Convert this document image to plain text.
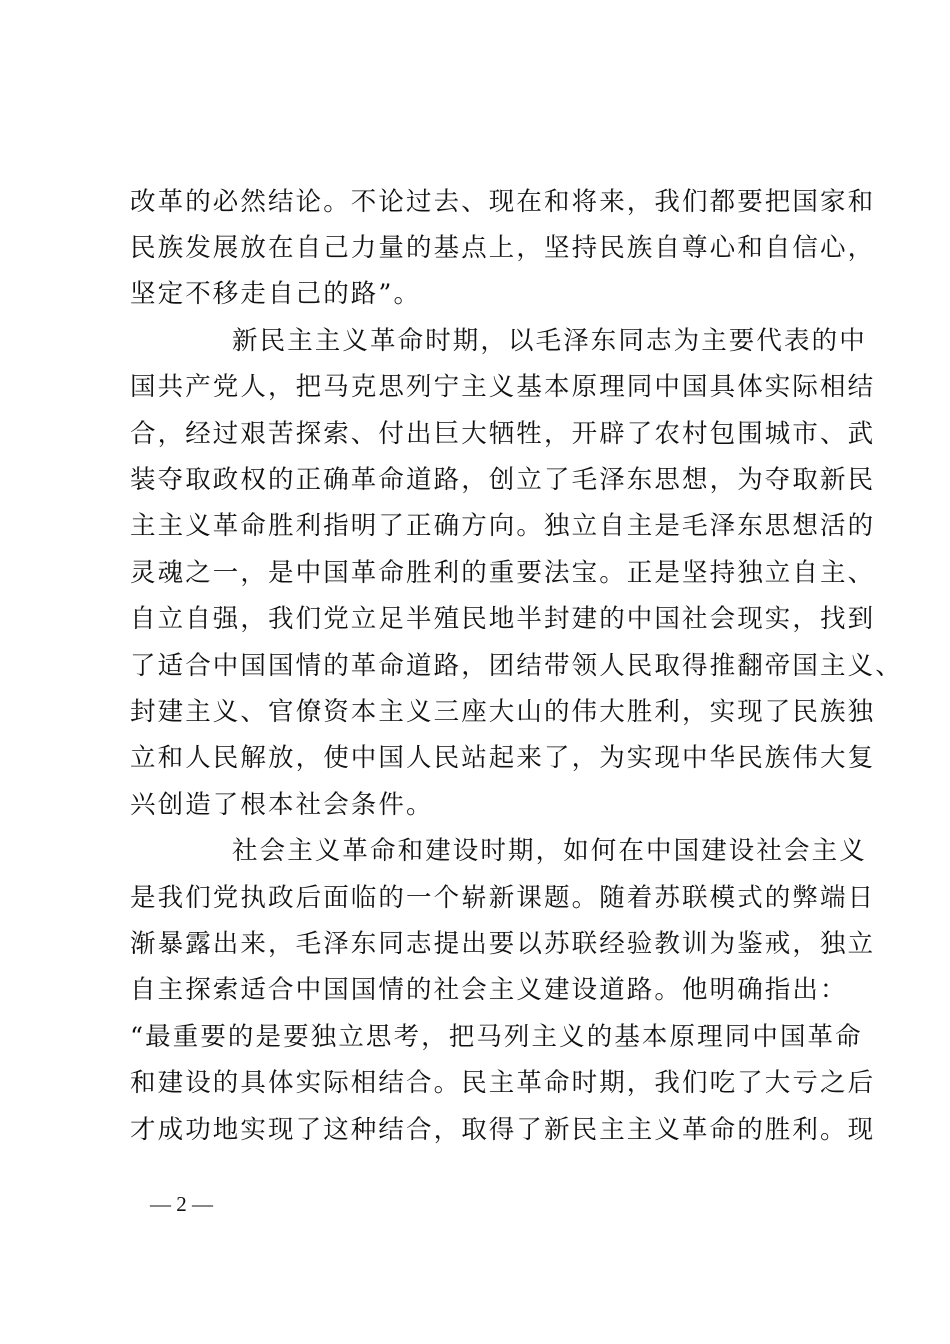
改革的必然结论。不论过去、现在和将来，我们都要把国家和
民族发展放在自己力量的基点上，坚持民族自尊心和自信心，
坚定不移走自己的路”。
新民主主义革命时期，以毛泽东同志为主要代表的中
国共产党人，把马克思列宁主义基本原理同中国具体实际相结
合，经过艰苦探索、付出巨大牺牲，开辟了农村包围城市、武
装夺取政权的正确革命道路，创立了毛泽东思想，为夺取新民
主主义革命胜利指明了正确方向。独立自主是毛泽东思想活的
灵魂之一，是中国革命胜利的重要法宝。正是坚持独立自主、
自立自强，我们党立足半殖民地半封建的中国社会现实，找到
了适合中国国情的革命道路，团结带领人民取得推翻帝国主义、
封建主义、官僚资本主义三座大山的伟大胜利，实现了民族独
立和人民解放，使中国人民站起来了，为实现中华民族伟大复
兴创造了根本社会条件。
社会主义革命和建设时期，如何在中国建设社会主义
是我们党执政后面临的一个崭新课题。随着苏联模式的弊端日
渐暴露出来，毛泽东同志提出要以苏联经验教训为鉴戒，独立
自主探索适合中国国情的社会主义建设道路。他明确指出：
“最重要的是要独立思考，把马列主义的基本原理同中国革命
和建设的具体实际相结合。民主革命时期，我们吃了大亏之后
才成功地实现了这种结合，取得了新民主主义革命的胜利。现
— 2 —
